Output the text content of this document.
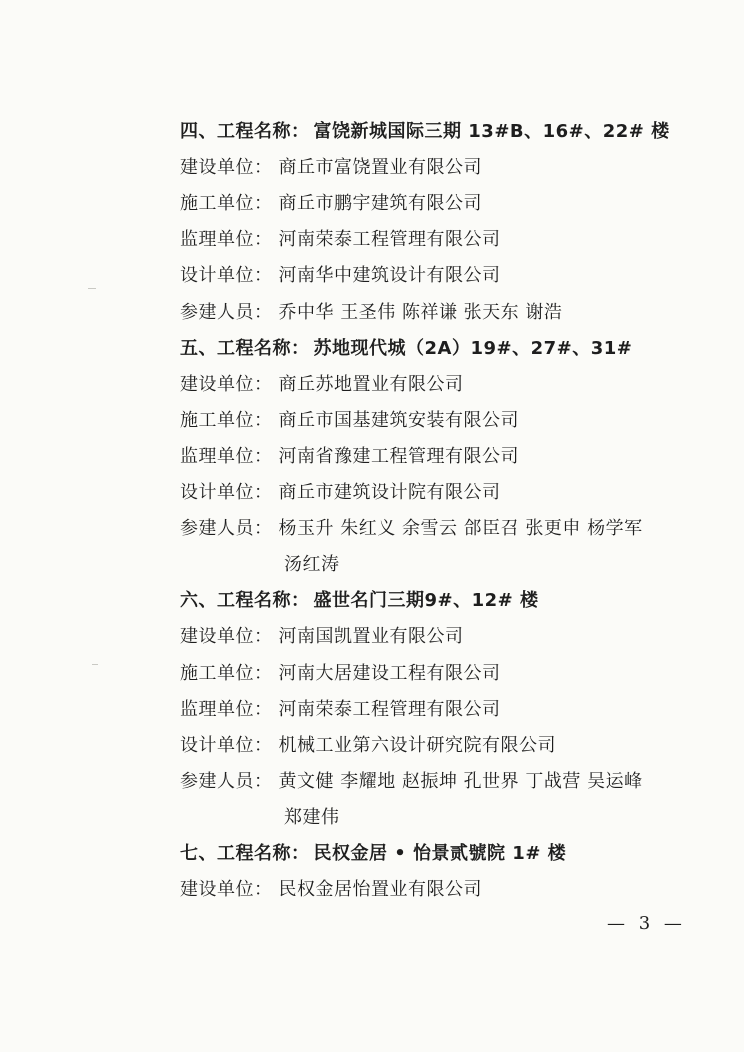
四、工程名称： 富饶新城国际三期 13#B、16#、22# 楼
建设单位： 商丘市富饶置业有限公司
施工单位： 商丘市鹏宇建筑有限公司
监理单位： 河南荣泰工程管理有限公司
设计单位： 河南华中建筑设计有限公司
参建人员： 乔中华 王圣伟 陈祥谦 张天东 谢浩
五、工程名称： 苏地现代城（2A）19#、27#、31#
建设单位： 商丘苏地置业有限公司
施工单位： 商丘市国基建筑安装有限公司
监理单位： 河南省豫建工程管理有限公司
设计单位： 商丘市建筑设计院有限公司
参建人员： 杨玉升 朱红义 余雪云 郃臣召 张更申 杨学军
汤红涛
六、工程名称： 盛世名门三期9#、12# 楼
建设单位： 河南国凯置业有限公司
施工单位： 河南大居建设工程有限公司
监理单位： 河南荣泰工程管理有限公司
设计单位： 机械工业第六设计研究院有限公司
参建人员： 黄文健 李耀地 赵振坤 孔世界 丁战营 吴运峰
郑建伟
七、工程名称： 民权金居 • 怡景贰號院 1# 楼
建设单位： 民权金居怡置业有限公司
— 3 —
